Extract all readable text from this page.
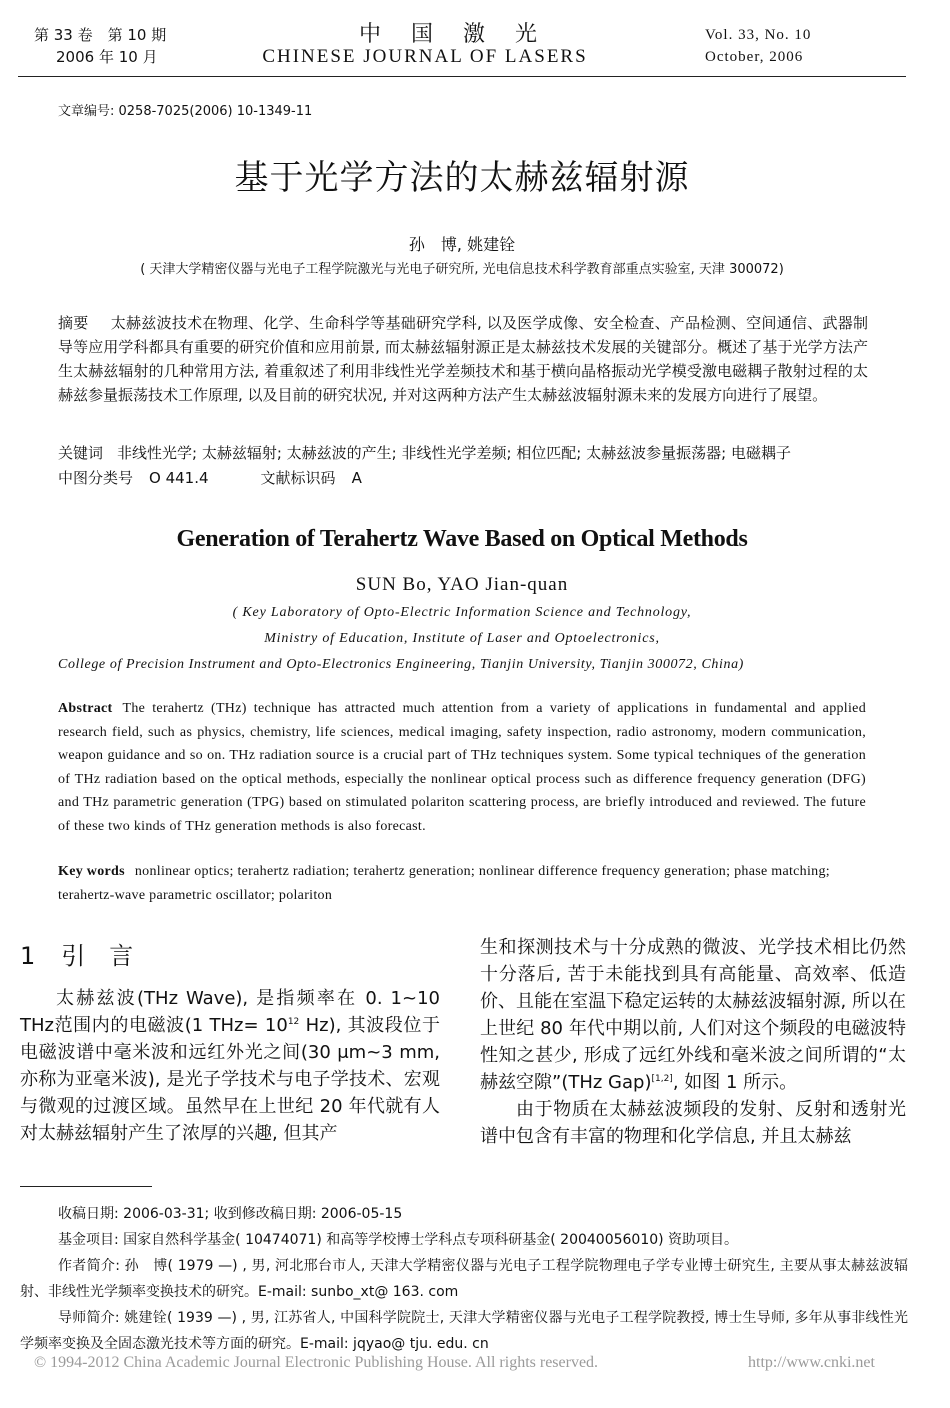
第 33 卷　第 10 期
2006 年 10 月
中　国　激　光
CHINESE JOURNAL OF LASERS
Vol. 33, No. 10
October, 2006
文章编号: 0258-7025(2006) 10-1349-11
基于光学方法的太赫兹辐射源
孙　博, 姚建铨
( 天津大学精密仪器与光电子工程学院激光与光电子研究所, 光电信息技术科学教育部重点实验室, 天津 300072)
摘要 太赫兹波技术在物理、化学、生命科学等基础研究学科, 以及医学成像、安全检查、产品检测、空间通信、武器制导等应用学科都具有重要的研究价值和应用前景, 而太赫兹辐射源正是太赫兹技术发展的关键部分。概述了基于光学方法产生太赫兹辐射的几种常用方法, 着重叙述了利用非线性光学差频技术和基于横向晶格振动光学模受激电磁耦子散射过程的太赫兹参量振荡技术工作原理, 以及目前的研究状况, 并对这两种方法产生太赫兹波辐射源未来的发展方向进行了展望。
关键词 非线性光学; 太赫兹辐射; 太赫兹波的产生; 非线性光学差频; 相位匹配; 太赫兹波参量振荡器; 电磁耦子
中图分类号 O 441.4	文献标识码 A
Generation of Terahertz Wave Based on Optical Methods
SUN Bo, YAO Jian-quan
( Key Laboratory of Opto-Electric Information Science and Technology,
Ministry of Education, Institute of Laser and Optoelectronics,
College of Precision Instrument and Opto-Electronics Engineering, Tianjin University, Tianjin 300072, China)
Abstract The terahertz (THz) technique has attracted much attention from a variety of applications in fundamental and applied research field, such as physics, chemistry, life sciences, medical imaging, safety inspection, radio astronomy, modern communication, weapon guidance and so on. THz radiation source is a crucial part of THz techniques system. Some typical techniques of the generation of THz radiation based on the optical methods, especially the nonlinear optical process such as difference frequency generation (DFG) and THz parametric generation (TPG) based on stimulated polariton scattering process, are briefly introduced and reviewed. The future of these two kinds of THz generation methods is also forecast.
Key words nonlinear optics; terahertz radiation; terahertz generation; nonlinear difference frequency generation; phase matching; terahertz-wave parametric oscillator; polariton
1 引　言
太赫兹波(THz Wave), 是指频率在 0. 1~10 THz范围内的电磁波(1 $THz= 10^{12}$ Hz), 其波段位于电磁波谱中毫米波和远红外光之间(30 μm~3 mm, 亦称为亚毫米波), 是光子学技术与电子学技术、宏观与微观的过渡区域。虽然早在上世纪 20 年代就有人对太赫兹辐射产生了浓厚的兴趣, 但其产
生和探测技术与十分成熟的微波、光学技术相比仍然十分落后, 苦于未能找到具有高能量、高效率、低造价、且能在室温下稳定运转的太赫兹波辐射源, 所以在上世纪 80 年代中期以前, 人们对这个频段的电磁波特性知之甚少, 形成了远红外线和毫米波之间所谓的“太赫兹空隙”(THz Gap)[1,2], 如图 1 所示。
由于物质在太赫兹波频段的发射、反射和透射光谱中包含有丰富的物理和化学信息, 并且太赫兹
收稿日期: 2006-03-31; 收到修改稿日期: 2006-05-15
基金项目: 国家自然科学基金( 10474071) 和高等学校博士学科点专项科研基金( 20040056010) 资助项目。
作者简介: 孙　博( 1979 —) , 男, 河北邢台市人, 天津大学精密仪器与光电子工程学院物理电子学专业博士研究生, 主要从事太赫兹波辐射、非线性光学频率变换技术的研究。E-mail: sunbo_xt@ 163. com
导师简介: 姚建铨( 1939 —) , 男, 江苏省人, 中国科学院院士, 天津大学精密仪器与光电子工程学院教授, 博士生导师, 多年从事非线性光学频率变换及全固态激光技术等方面的研究。E-mail: jqyao@ tju. edu. cn
© 1994-2012 China Academic Journal Electronic Publishing House. All rights reserved.	http://www.cnki.net
